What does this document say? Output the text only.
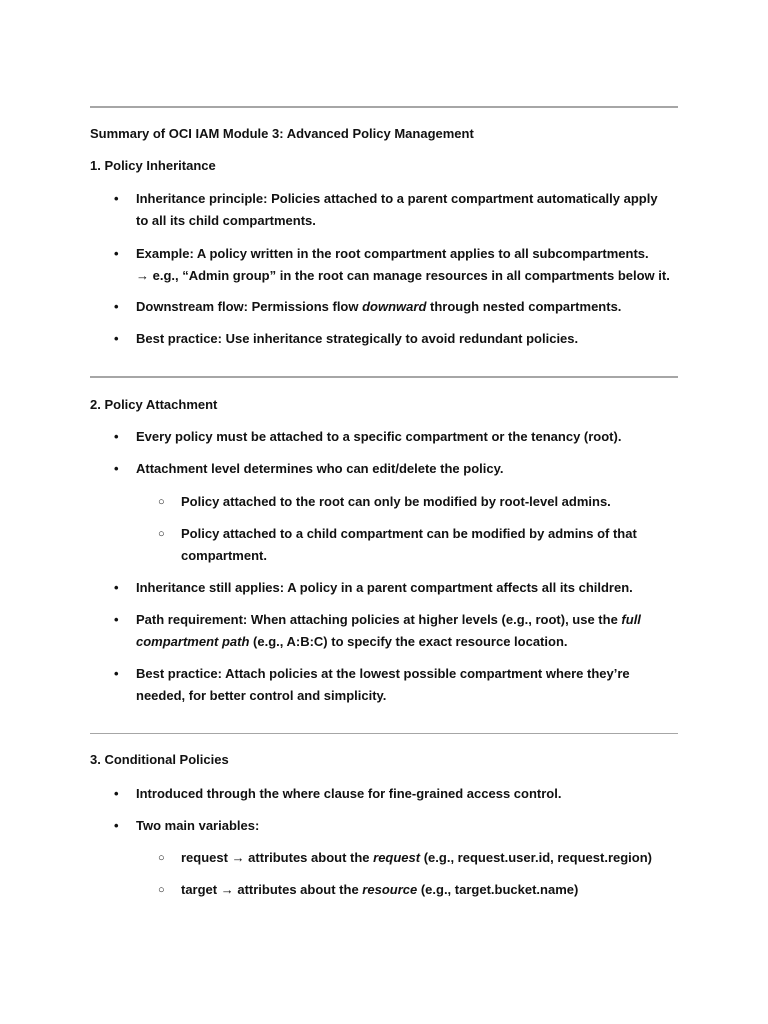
Summary of OCI IAM Module 3: Advanced Policy Management
1. Policy Inheritance
• Inheritance principle: Policies attached to a parent compartment automatically apply
to all its child compartments.
• Example: A policy written in the root compartment applies to all subcompartments.
→ e.g., “Admin group” in the root can manage resources in all compartments below it.
• Downstream flow: Permissions flow downward through nested compartments.
• Best practice: Use inheritance strategically to avoid redundant policies.
2. Policy Attachment
• Every policy must be attached to a specific compartment or the tenancy (root).
• Attachment level determines who can edit/delete the policy.
○ Policy attached to the root can only be modified by root-level admins.
○ Policy attached to a child compartment can be modified by admins of that
compartment.
• Inheritance still applies: A policy in a parent compartment affects all its children.
• Path requirement: When attaching policies at higher levels (e.g., root), use the full
compartment path (e.g., A:B:C) to specify the exact resource location.
• Best practice: Attach policies at the lowest possible compartment where they’re
needed, for better control and simplicity.
3. Conditional Policies
• Introduced through the where clause for fine-grained access control.
• Two main variables:
○ request → attributes about the request (e.g., request.user.id, request.region)
○ target → attributes about the resource (e.g., target.bucket.name)
